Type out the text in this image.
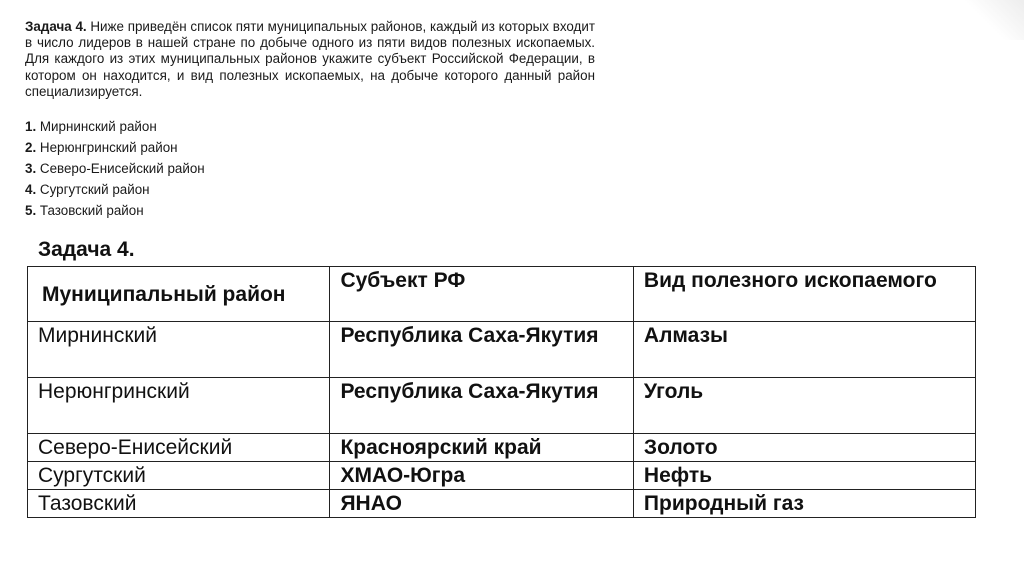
Задача 4. Ниже приведён список пяти муниципальных районов, каждый из которых входит в число лидеров в нашей стране по добыче одного из пяти видов полезных ископаемых. Для каждого из этих муниципальных районов укажите субъект Российской Федерации, в котором он находится, и вид полезных ископаемых, на добыче которого данный район специализируется.
1. Мирнинский район
2. Нерюнгринский район
3. Северо-Енисейский район
4. Сургутский район
5. Тазовский район
Задача 4.
Муниципальный район	Субъект РФ	Вид полезного ископаемого
Мирнинский	Республика Саха-Якутия	Алмазы
Нерюнгринский	Республика Саха-Якутия	Уголь
Северо-Енисейский	Красноярский край	Золото
Сургутский	ХМАО-Югра	Нефть
Тазовский	ЯНАО	Природный газ
